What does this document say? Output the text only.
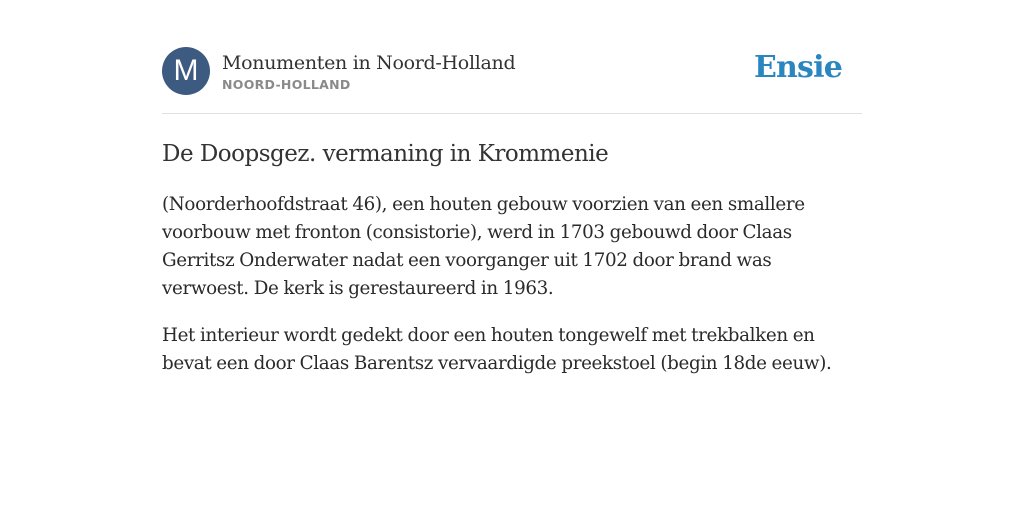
M	Monumenten in Noord-Holland
NOORD-HOLLAND	Ensie
De Doopsgez. vermaning in Krommenie

(Noorderhoofdstraat 46), een houten gebouw voorzien van een smallere voorbouw met fronton (consistorie), werd in 1703 gebouwd door Claas Gerritsz Onderwater nadat een voorganger uit 1702 door brand was verwoest. De kerk is gerestaureerd in 1963.

Het interieur wordt gedekt door een houten tongewelf met trekbalken en bevat een door Claas Barentsz vervaardigde preekstoel (begin 18de eeuw).
